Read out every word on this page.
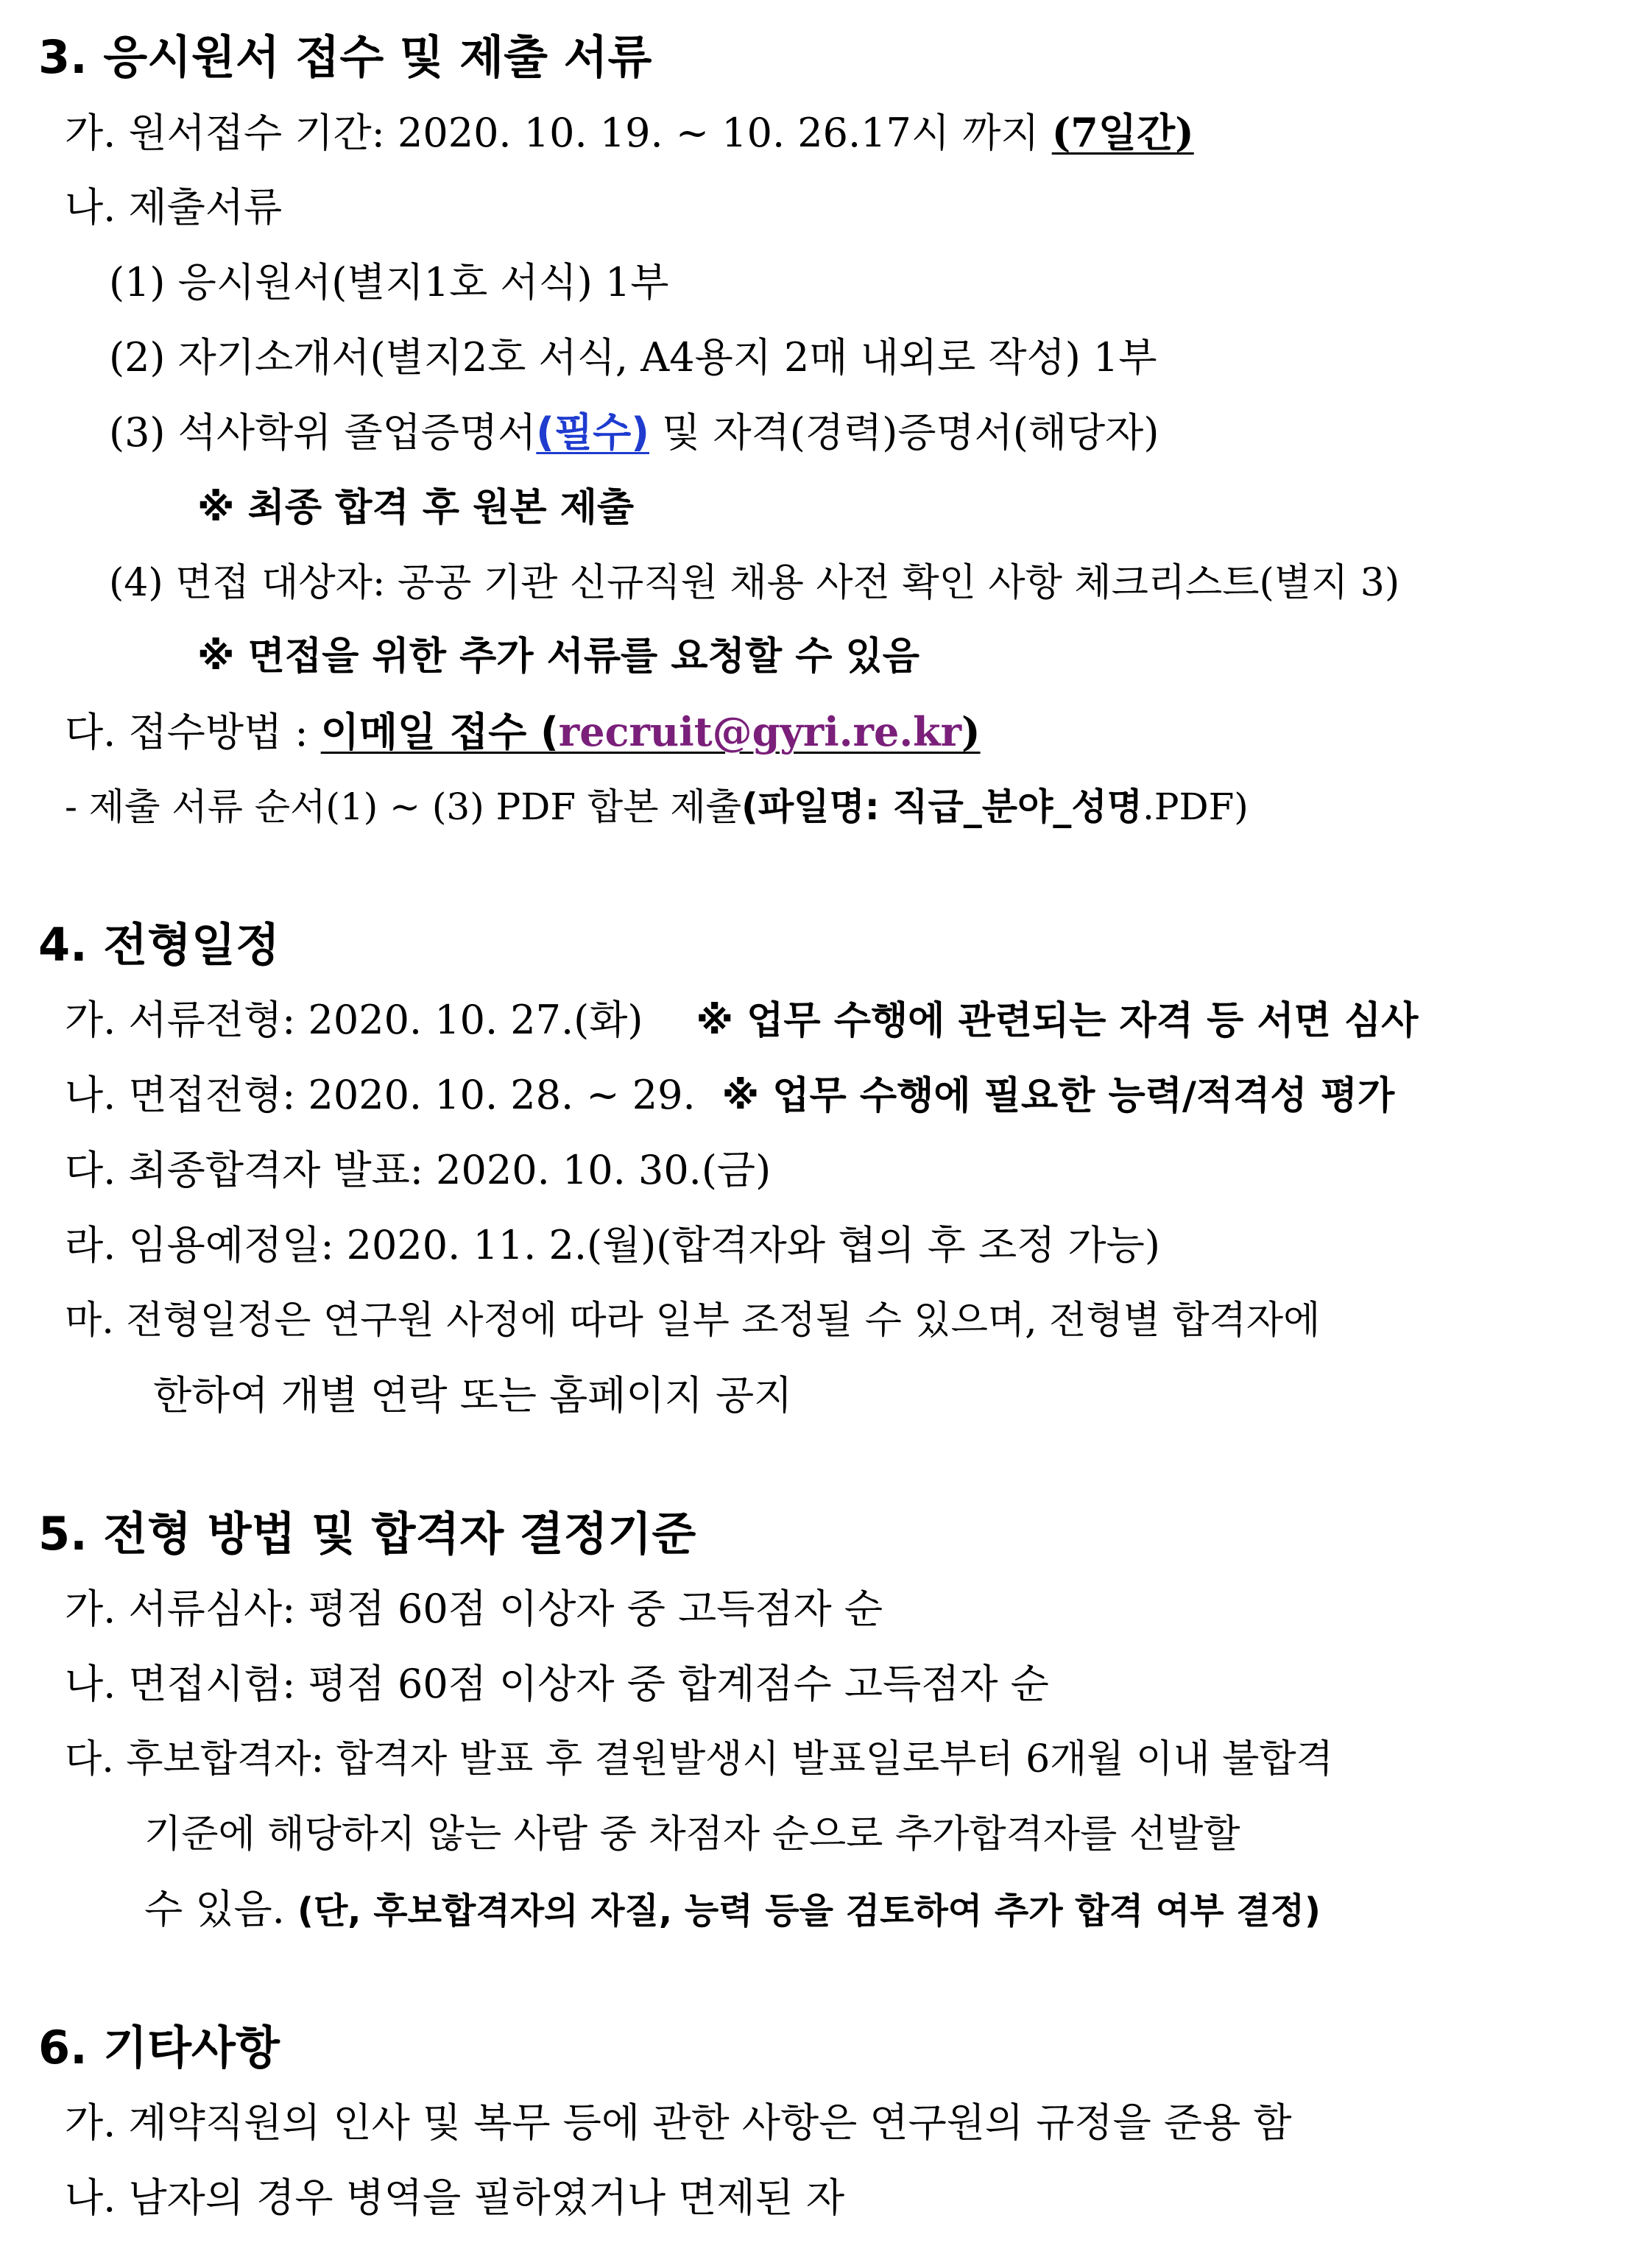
3. 응시원서 접수 및 제출 서류
가. 원서접수 기간: 2020. 10. 19. ~ 10. 26.17시 까지 (7일간)
나. 제출서류
(1) 응시원서(별지1호 서식) 1부
(2) 자기소개서(별지2호 서식, A4용지 2매 내외로 작성) 1부
(3) 석사학위 졸업증명서(필수) 및 자격(경력)증명서(해당자)
※ 최종 합격 후 원본 제출
(4) 면접 대상자: 공공 기관 신규직원 채용 사전 확인 사항 체크리스트(별지 3)
※ 면접을 위한 추가 서류를 요청할 수 있음
다. 접수방법 : 이메일 접수 (recruit@gyri.re.kr)
- 제출 서류 순서(1) ~ (3) PDF 합본 제출(파일명: 직급_분야_성명.PDF)
4. 전형일정
가. 서류전형: 2020. 10. 27.(화) ※ 업무 수행에 관련되는 자격 등 서면 심사
나. 면접전형: 2020. 10. 28. ~ 29. ※ 업무 수행에 필요한 능력/적격성 평가
다. 최종합격자 발표: 2020. 10. 30.(금)
라. 임용예정일: 2020. 11. 2.(월)(합격자와 협의 후 조정 가능)
마. 전형일정은 연구원 사정에 따라 일부 조정될 수 있으며, 전형별 합격자에
한하여 개별 연락 또는 홈페이지 공지
5. 전형 방법 및 합격자 결정기준
가. 서류심사: 평점 60점 이상자 중 고득점자 순
나. 면접시험: 평점 60점 이상자 중 합계점수 고득점자 순
다. 후보합격자: 합격자 발표 후 결원발생시 발표일로부터 6개월 이내 불합격
기준에 해당하지 않는 사람 중 차점자 순으로 추가합격자를 선발할
수 있음. (단, 후보합격자의 자질, 능력 등을 검토하여 추가 합격 여부 결정)
6. 기타사항
가. 계약직원의 인사 및 복무 등에 관한 사항은 연구원의 규정을 준용 함
나. 남자의 경우 병역을 필하였거나 면제된 자
